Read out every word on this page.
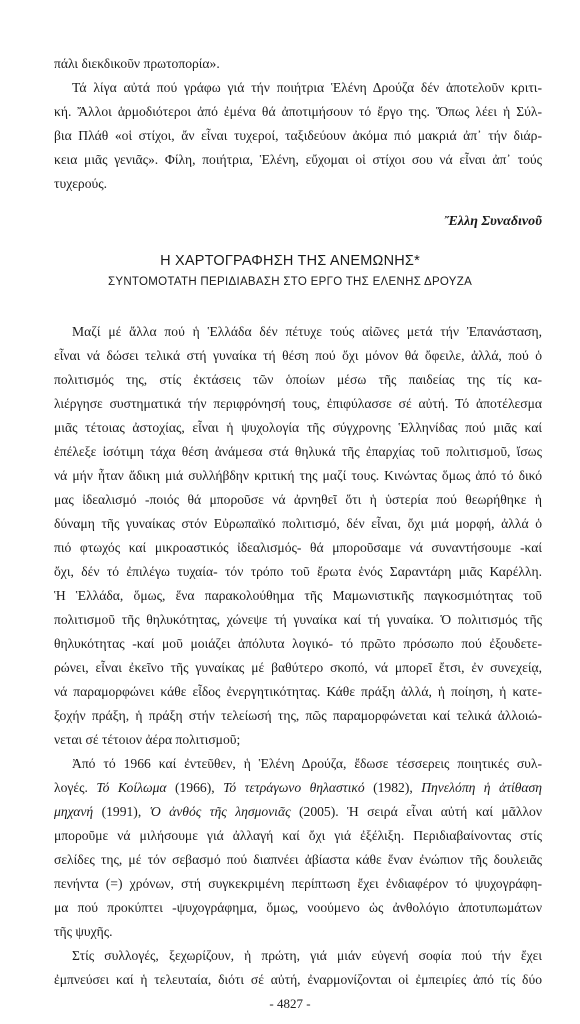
πάλι διεκδικοῦν πρωτοπορία».
Τά λίγα αὐτά πού γράφω γιά τήν ποιήτρια Ἑλένη Δρούζα δέν ἀποτελοῦν κριτι-
κή. Ἄλλοι ἁρμοδιότεροι ἀπό ἐμένα θά ἀποτιμήσουν τό ἔργο της. Ὅπως λέει ἡ Σύλ-
βια Πλάθ «οἱ στίχοι, ἄν εἶναι τυχεροί, ταξιδεύουν ἀκόμα πιό μακριά ἀπ᾽ τήν διάρ-
κεια μιᾶς γενιᾶς». Φίλη, ποιήτρια, Ἑλένη, εὔχομαι οἱ στίχοι σου νά εἶναι ἀπ᾽ τούς
τυχερούς.
Ἔλλη Συναδινοῦ
Η ΧΑΡΤΟΓΡΑΦΗΣΗ ΤΗΣ ΑΝΕΜΩΝΗΣ*
ΣΥΝΤΟΜΟΤΑΤΗ ΠΕΡΙΔΙΑΒΑΣΗ ΣΤΟ ΕΡΓΟ ΤΗΣ ΕΛΕΝΗΣ ΔΡΟΥΖΑ
Μαζί μέ ἄλλα πού ἡ Ἑλλάδα δέν πέτυχε τούς αἰῶνες μετά τήν Ἐπανάσταση,
εἶναι νά δώσει τελικά στή γυναίκα τή θέση πού ὄχι μόνον θά ὄφειλε, ἀλλά, πού ὁ
πολιτισμός της, στίς ἐκτάσεις τῶν ὁποίων μέσω τῆς παιδείας της τίς κα-
λιέργησε συστηματικά τήν περιφρόνησή τους, ἐπιφύλασσε σέ αὐτή. Τό ἀποτέλεσμα
μιᾶς τέτοιας ἀστοχίας, εἶναι ἡ ψυχολογία τῆς σύγχρονης Ἑλληνίδας πού μιᾶς καί
ἐπέλεξε ἰσότιμη τάχα θέση ἀνάμεσα στά θηλυκά τῆς ἐπαρχίας τοῦ πολιτισμοῦ, ἴσως
νά μήν ἦταν ἄδικη μιά συλλήβδην κριτική της μαζί τους. Κινώντας ὅμως ἀπό τό δικό
μας ἰδεαλισμό -ποιός θά μποροῦσε νά ἀρνηθεῖ ὅτι ἡ ὑστερία πού θεωρήθηκε ἡ
δύναμη τῆς γυναίκας στόν Εὐρωπαϊκό πολιτισμό, δέν εἶναι, ὄχι μιά μορφή, ἀλλά ὁ
πιό φτωχός καί μικροαστικός ἰδεαλισμός- θά μποροῦσαμε νά συναντήσουμε -καί
ὄχι, δέν τό ἐπιλέγω τυχαία- τόν τρόπο τοῦ ἔρωτα ἑνός Σαραντάρη μιᾶς Καρέλλη.
Ἡ Ἑλλάδα, ὅμως, ἕνα παρακολούθημα τῆς Μαμωνιστικῆς παγκοσμιότητας τοῦ
πολιτισμοῦ τῆς θηλυκότητας, χώνεψε τή γυναίκα καί τή γυναίκα. Ὁ πολιτισμός τῆς
θηλυκότητας -καί μοῦ μοιάζει ἀπόλυτα λογικό- τό πρῶτο πρόσωπο πού ἐξουδετε-
ρώνει, εἶναι ἐκεῖνο τῆς γυναίκας μέ βαθύτερο σκοπό, νά μπορεῖ ἔτσι, ἐν συνεχείᾳ,
νά παραμορφώνει κάθε εἶδος ἐνεργητικότητας. Κάθε πράξη ἀλλά, ἡ ποίηση, ἡ κατε-
ξοχήν πράξη, ἡ πράξη στήν τελείωσή της, πῶς παραμορφώνεται καί τελικά ἀλλοιώ-
νεται σέ τέτοιον ἀέρα πολιτισμοῦ;
Ἀπό τό 1966 καί ἐντεῦθεν, ἡ Ἑλένη Δρούζα, ἔδωσε τέσσερεις ποιητικές συλ-
λογές. Τό Κοίλωμα (1966), Τό τετράγωνο θηλαστικό (1982), Πηνελόπη ἡ ἀτίθαση
μηχανή (1991), Ὁ ἀνθός τῆς λησμονιᾶς (2005). Ἡ σειρά εἶναι αὐτή καί μᾶλλον
μποροῦμε νά μιλήσουμε γιά ἀλλαγή καί ὄχι γιά ἐξέλιξη. Περιδιαβαίνοντας στίς
σελίδες της, μέ τόν σεβασμό πού διαπνέει ἀβίαστα κάθε ἕναν ἐνώπιον τῆς δουλειᾶς
πενήντα (=) χρόνων, στή συγκεκριμένη περίπτωση ἔχει ἐνδιαφέρον τό ψυχογράφη-
μα πού προκύπτει -ψυχογράφημα, ὅμως, νοούμενο ὡς ἀνθολόγιο ἀποτυπωμάτων
τῆς ψυχῆς.
Στίς συλλογές, ξεχωρίζουν, ἡ πρώτη, γιά μιάν εὐγενή σοφία πού τήν ἔχει
ἐμπνεύσει καί ἡ τελευταία, διότι σέ αὐτή, ἐναρμονίζονται οἱ ἐμπειρίες ἀπό τίς δύο
- 4827 -
